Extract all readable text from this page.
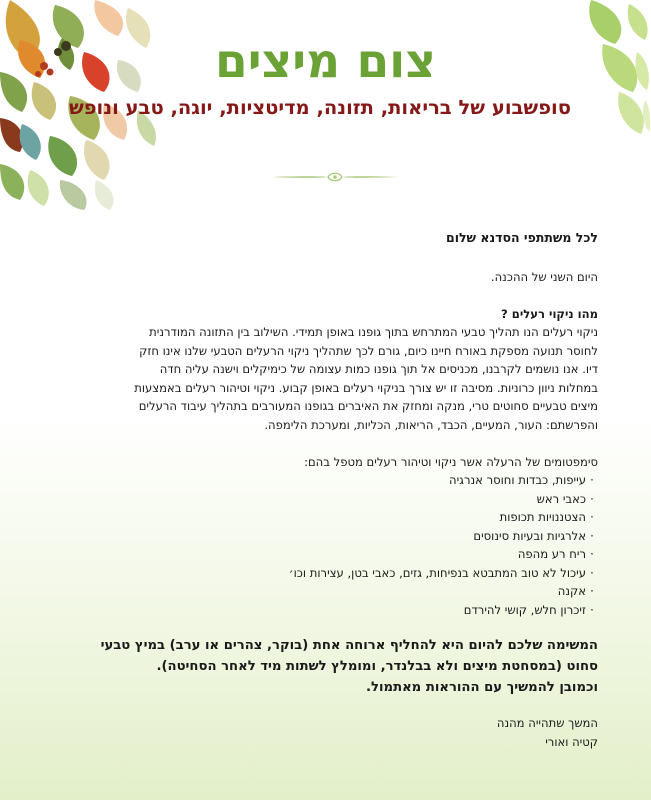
צום מיצים
סופשבוע של בריאות, תזונה, מדיטציות, יוגה, טבע ונופש

לכל משתתפי הסדנא שלום

היום השני של ההכנה.

מהו ניקוי רעלים ?

ניקוי רעלים הנו תהליך טבעי המתרחש בתוך גופנו באופן תמידי. השילוב בין התזונה המודרנית

לחוסר תנועה מספקת באורח חיינו כיום, גורם לכך שתהליך ניקוי הרעלים הטבעי שלנו אינו חזק

דיו. אנו נושמים לקרבנו, מכניסים אל תוך גופנו כמות עצומה של כימיקלים וישנה עליה חדה

במחלות ניוון כרוניות. מסיבה זו יש צורך בניקוי רעלים באופן קבוע. ניקוי וטיהור רעלים באמצעות

מיצים טבעיים סחוטים טרי, מנקה ומחזק את האיברים בגופנו המעורבים בתהליך עיבוד הרעלים

והפרשתם: העור, המעיים, הכבד, הריאות, הכליות, ומערכת הלימפה.

סימפטומים של הרעלה אשר ניקוי וטיהור רעלים מטפל בהם:

·עייפות, כבדות וחוסר אנרגיה
·כאבי ראש
·הצטננויות תכופות
·אלרגיות ובעיות סינוסים
·ריח רע מהפה
·עיכול לא טוב המתבטא בנפיחות, גזים, כאבי בטן, עצירות וכו׳
·אקנה
·זיכרון חלש, קושי להירדם

המשימה שלכם להיום היא להחליף ארוחה אחת (בוקר, צהרים או ערב) במיץ טבעי

סחוט (במסחטת מיצים ולא בבלנדר, ומומלץ לשתות מיד לאחר הסחיטה).

וכמובן להמשיך עם ההוראות מאתמול.

המשך שתהייה מהנה

קטיה ואורי
